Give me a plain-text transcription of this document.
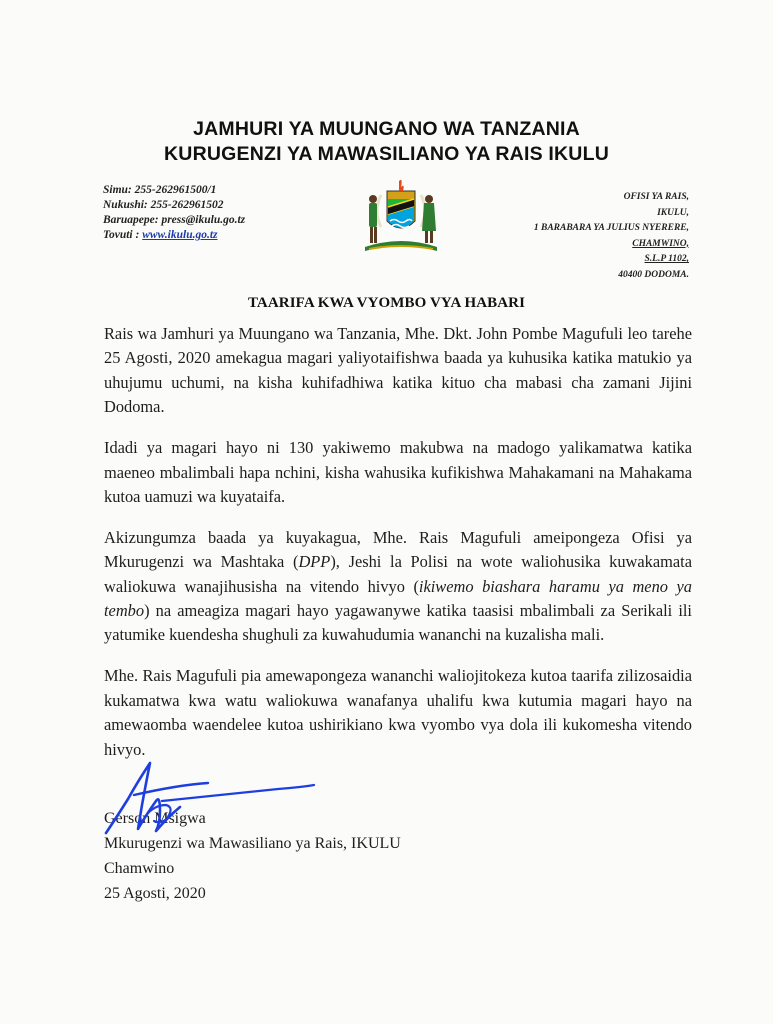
JAMHURI YA MUUNGANO WA TANZANIA
KURUGENZI YA MAWASILIANO YA RAIS IKULU
Simu: 255-262961500/1
Nukushi: 255-262961502
Baruapepe: press@ikulu.go.tz
Tovuti : www.ikulu.go.tz
OFISI YA RAIS,
IKULU,
1 BARABARA YA JULIUS NYERERE,
CHAMWINO,
S.L.P 1102,
40400 DODOMA.
TAARIFA KWA VYOMBO VYA HABARI

Rais wa Jamhuri ya Muungano wa Tanzania, Mhe. Dkt. John Pombe Magufuli leo tarehe 25 Agosti, 2020 amekagua magari yaliyotaifishwa baada ya kuhusika katika matukio ya uhujumu uchumi, na kisha kuhifadhiwa katika kituo cha mabasi cha zamani Jijini Dodoma.

Idadi ya magari hayo ni 130 yakiwemo makubwa na madogo yalikamatwa katika maeneo mbalimbali hapa nchini, kisha wahusika kufikishwa Mahakamani na Mahakama kutoa uamuzi wa kuyataifa.

Akizungumza baada ya kuyakagua, Mhe. Rais Magufuli ameipongeza Ofisi ya Mkurugenzi wa Mashtaka (DPP), Jeshi la Polisi na wote waliohusika kuwakamata waliokuwa wanajihusisha na vitendo hivyo (ikiwemo biashara haramu ya meno ya tembo) na ameagiza magari hayo yagawanywe katika taasisi mbalimbali za Serikali ili yatumike kuendesha shughuli za kuwahudumia wananchi na kuzalisha mali.

Mhe. Rais Magufuli pia amewapongeza wananchi waliojitokeza kutoa taarifa zilizosaidia kukamatwa kwa watu waliokuwa wanafanya uhalifu kwa kutumia magari hayo na amewaomba waendelee kutoa ushirikiano kwa vyombo vya dola ili kukomesha vitendo hivyo.

Gerson Msigwa
Mkurugenzi wa Mawasiliano ya Rais, IKULU
Chamwino
25 Agosti, 2020
